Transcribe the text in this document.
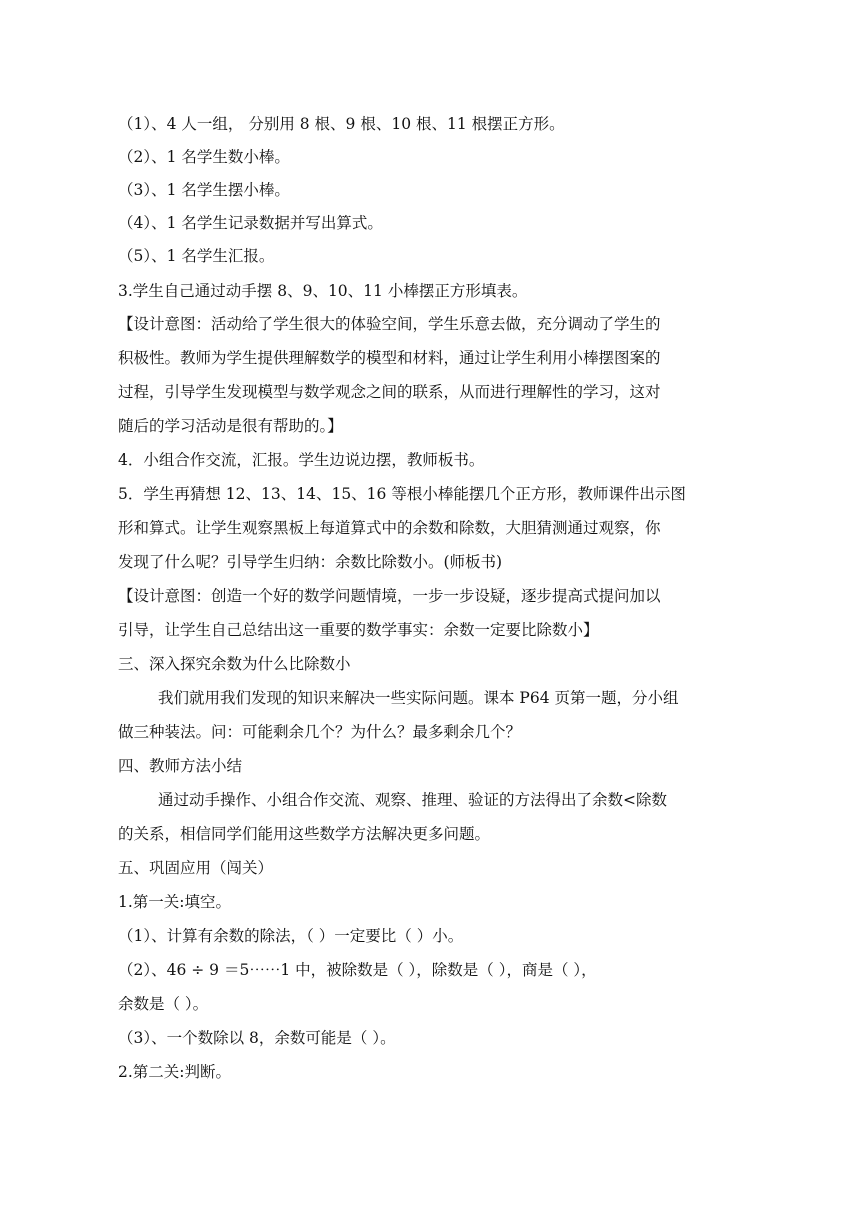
（1）、4 人一组， 分别用 8 根、9 根、10 根、11 根摆正方形。
（2）、1 名学生数小棒。
（3）、1 名学生摆小棒。
（4）、1 名学生记录数据并写出算式。
（5）、1 名学生汇报。
3.学生自己通过动手摆 8、9、10、11 小棒摆正方形填表。
【设计意图：活动给了学生很大的体验空间，学生乐意去做，充分调动了学生的
积极性。教师为学生提供理解数学的模型和材料，通过让学生利用小棒摆图案的
过程，引导学生发现模型与数学观念之间的联系，从而进行理解性的学习，这对
随后的学习活动是很有帮助的。】
4．小组合作交流，汇报。学生边说边摆，教师板书。
5．学生再猜想 12、13、14、15、16 等根小棒能摆几个正方形，教师课件出示图
形和算式。让学生观察黑板上每道算式中的余数和除数，大胆猜测通过观察，你
发现了什么呢？引导学生归纳：余数比除数小。(师板书)
【设计意图：创造一个好的数学问题情境，一步一步设疑，逐步提高式提问加以
引导，让学生自己总结出这一重要的数学事实：余数一定要比除数小】
三、深入探究余数为什么比除数小
我们就用我们发现的知识来解决一些实际问题。课本 P64 页第一题，分小组
做三种装法。问：可能剩余几个？为什么？最多剩余几个？
四、教师方法小结
通过动手操作、小组合作交流、观察、推理、验证的方法得出了余数<除数
的关系，相信同学们能用这些数学方法解决更多问题。
五、巩固应用（闯关）
1.第一关:填空。
（1）、计算有余数的除法，（ ）一定要比（ ）小。
（2）、46 ÷ 9 ＝5⋯⋯1 中，被除数是（ ），除数是（ ），商是（ ），
余数是（ ）。
（3）、一个数除以 8，余数可能是（ ）。
2.第二关:判断。
